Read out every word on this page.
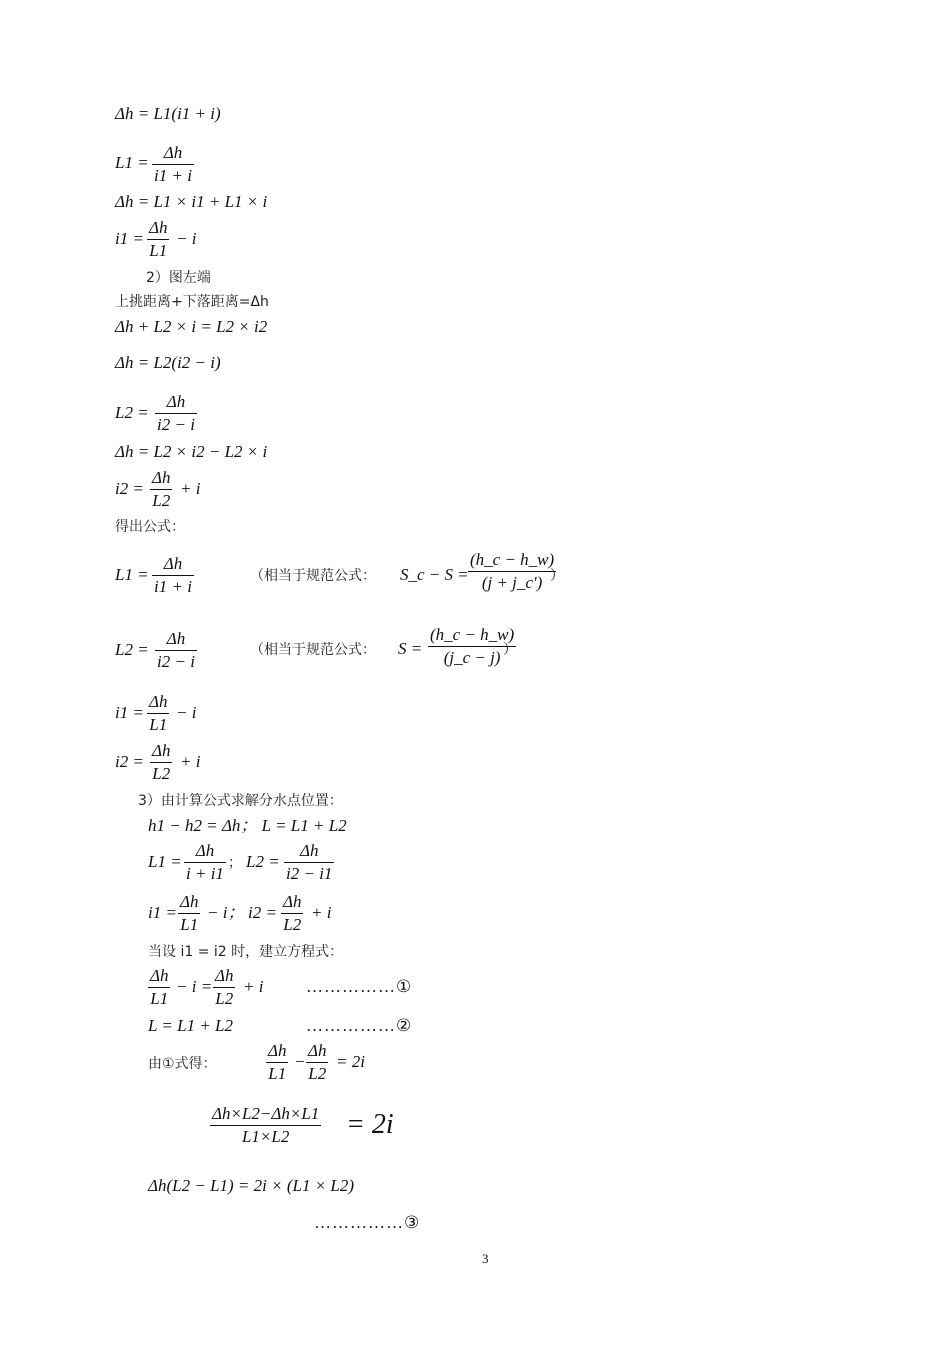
Δh = L1(i1 + i)
$L1 = \frac{\Delta h}{i1 + i}$
Δh = L1 × i1 + L1 × i
$i1 = \frac{\Delta h}{L1} - i$
2）图左端
上挑距离+下落距离=Δh
Δh + L2 × i = L2 × i2
Δh = L2(i2 − i)
$L2 = \frac{\Delta h}{i2 - i}$
Δh = L2 × i2 − L2 × i
$i2 = \frac{\Delta h}{L2} + i$
得出公式：
$L1 = \frac{\Delta h}{i1 + i}$	（相当于规范公式： S_c − $S = \frac{(h\_c - h\_w)}{(j + j\_c')}$
）
$L2 = \frac{\Delta h}{i2 - i}$	（相当于规范公式： $S = \frac{(h\_c - h\_w)}{(j\_c - j)}$
）
$i1 = \frac{\Delta h}{L1} - i$
$i2 = \frac{\Delta h}{L2} + i$
3）由计算公式求解分水点位置：
h1 − h2 = Δh； L = L1 + L2
$L1 = \frac{\Delta h}{i + i1}$ ； $L2 = \frac{\Delta h}{i2 - i1}$
$i1 = \frac{\Delta h}{L1} - i$； $i2 = \frac{\Delta h}{L2} + i$
当设 i1 = i2 时，建立方程式：
$\frac{\Delta h}{L1} - i = \frac{\Delta h}{L2} + i$	……………①
L = L1 + L2	……………②
由①式得：	$\frac{\Delta h}{L1} - \frac{\Delta h}{L2} = 2i$
$\frac{\Delta h\times L2-\Delta h\times L1}{L1\times L2} = 2i$
Δh(L2 − L1) = 2i × (L1 × L2)
……………③
3
